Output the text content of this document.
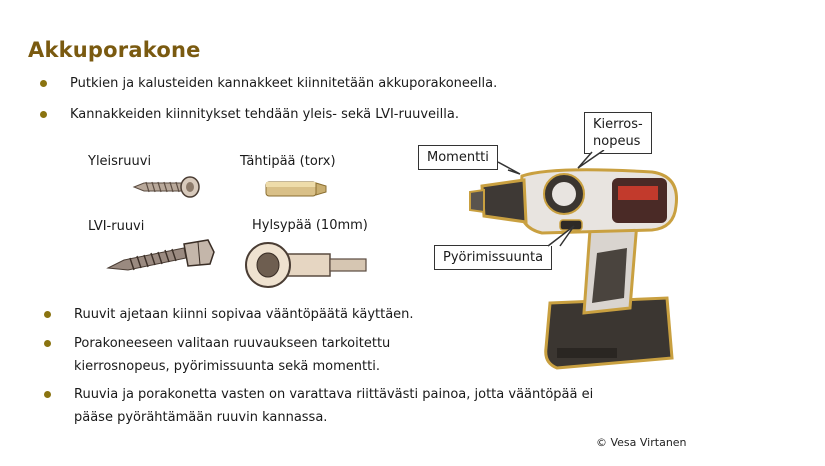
Akkuporakone
Putkien ja kalusteiden kannakkeet kiinnitetään akkuporakoneella.
Kannakkeiden kiinnitykset tehdään yleis- sekä LVI-ruuveilla.
Yleisruuvi	Tähtipää (torx)
LVI-ruuvi	Hylsypää (10mm)
Momentti
Kierros-
nopeus
Pyörimissuunta
Ruuvit ajetaan kiinni sopivaa vääntöpäätä käyttäen.
Porakoneeseen valitaan ruuvaukseen tarkoitettu
kierrosnopeus, pyörimissuunta sekä momentti.
Ruuvia ja porakonetta vasten on varattava riittävästi painoa, jotta vääntöpää ei
pääse pyörähtämään ruuvin kannassa.
© Vesa Virtanen
